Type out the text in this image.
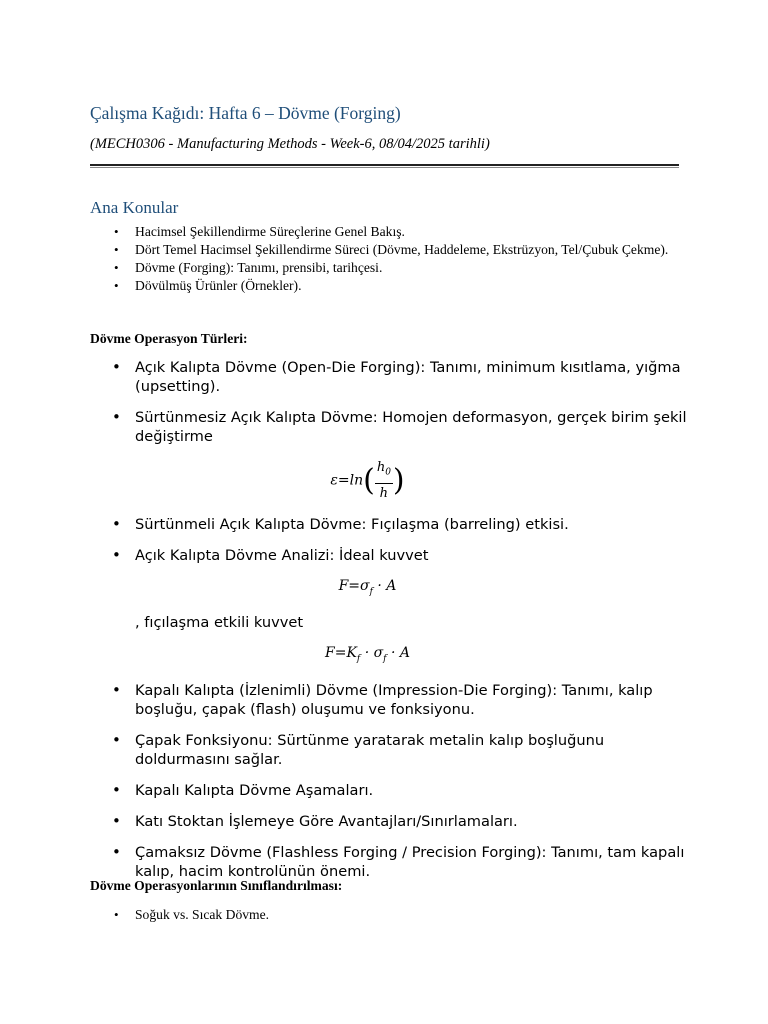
Çalışma Kağıdı: Hafta 6 – Dövme (Forging)
(MECH0306 - Manufacturing Methods - Week-6, 08/04/2025 tarihli)
Ana Konular
• Hacimsel Şekillendirme Süreçlerine Genel Bakış.
• Dört Temel Hacimsel Şekillendirme Süreci (Dövme, Haddeleme, Ekstrüzyon, Tel/Çubuk Çekme).
• Dövme (Forging): Tanımı, prensibi, tarihçesi.
• Dövülmüş Ürünler (Örnekler).
Dövme Operasyon Türleri:
• Açık Kalıpta Dövme (Open-Die Forging): Tanımı, minimum kısıtlama, yığma (upsetting).
• Sürtünmesiz Açık Kalıpta Dövme: Homojen deformasyon, gerçek birim şekil değiştirme
$\varepsilon=\ln( \frac{h_0}{h}$ )
• Sürtünmeli Açık Kalıpta Dövme: Fıçılaşma (barreling) etkisi.
• Açık Kalıpta Dövme Analizi: İdeal kuvvet
$F=\sigma_f \cdot A$
, fıçılaşma etkili kuvvet
$F=K_f \cdot \sigma_f \cdot A$
• Kapalı Kalıpta (İzlenimli) Dövme (Impression-Die Forging): Tanımı, kalıp boşluğu, çapak (flash) oluşumu ve fonksiyonu.
• Çapak Fonksiyonu: Sürtünme yaratarak metalin kalıp boşluğunu doldurmasını sağlar.
• Kapalı Kalıpta Dövme Aşamaları.
• Katı Stoktan İşlemeye Göre Avantajları/Sınırlamaları.
• Çamaksız Dövme (Flashless Forging / Precision Forging): Tanımı, tam kapalı kalıp, hacim kontrolünün önemi.
Dövme Operasyonlarının Sınıflandırılması:
• Soğuk vs. Sıcak Dövme.
